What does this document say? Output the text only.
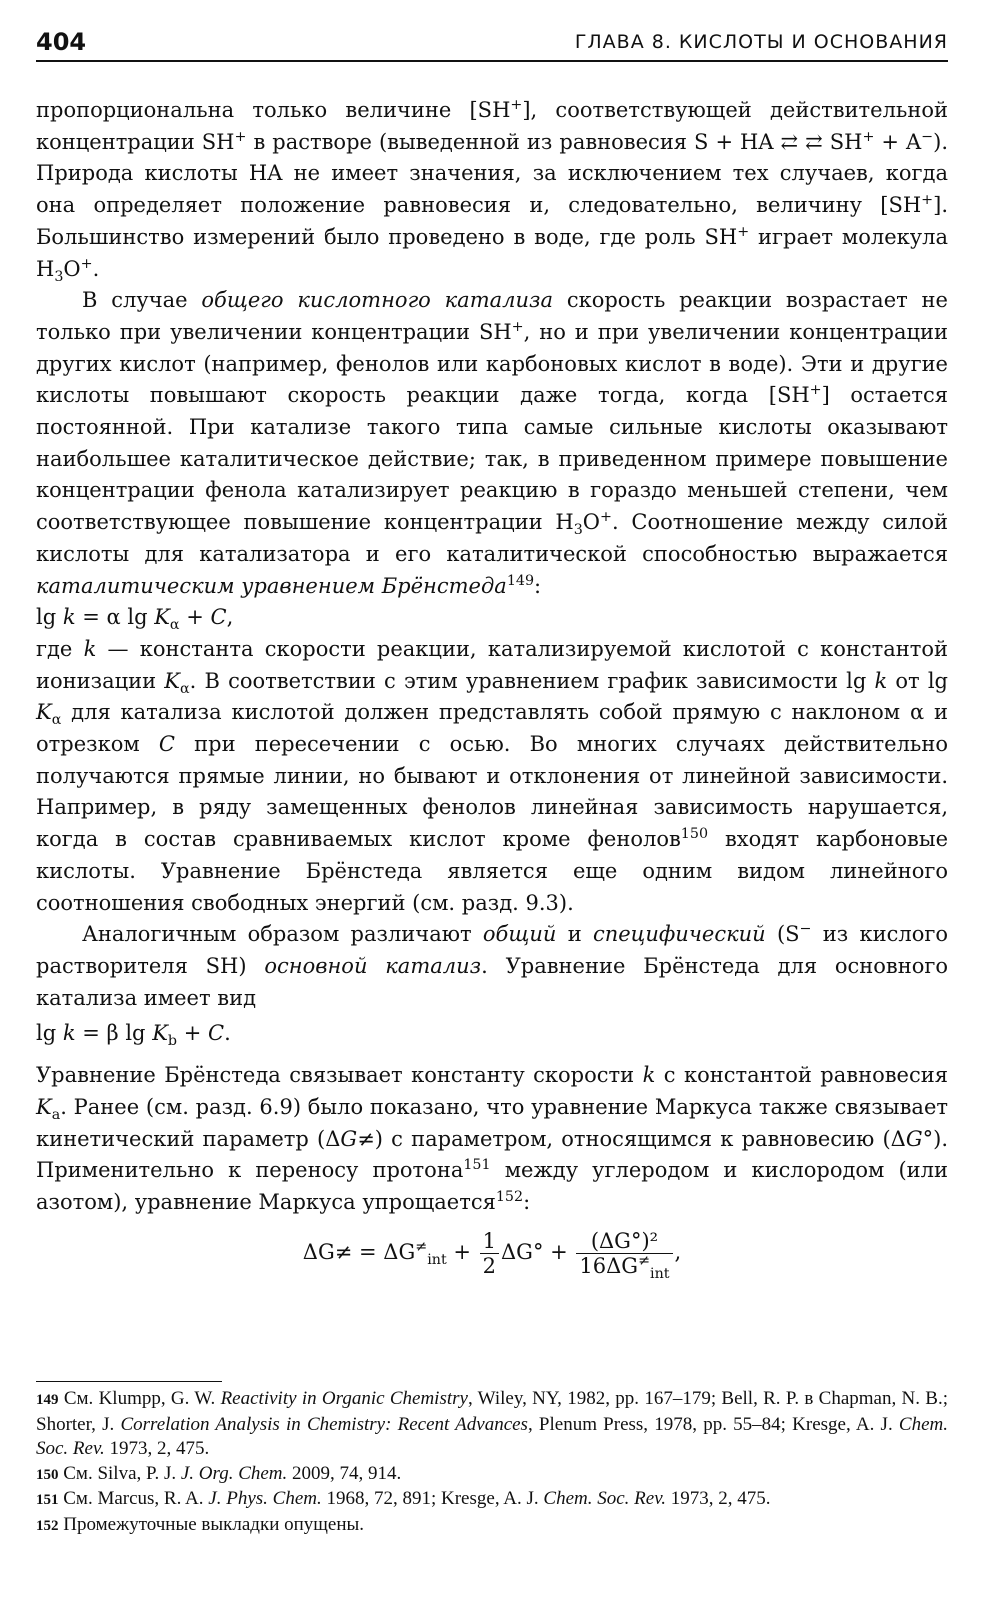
404	ГЛАВА 8. КИСЛОТЫ И ОСНОВАНИЯ

пропорциональна только величине [SH+], соответствующей действительной концентрации SH+ в растворе (выведенной из равновесия S + HA ⇄ ⇄ SH+ + A−). Природа кислоты HA не имеет значения, за исключением тех случаев, когда она определяет положение равновесия и, следовательно, величину [SH+]. Большинство измерений было проведено в воде, где роль SH+ играет молекула $H_3O^+$.

В случае общего кислотного катализа скорость реакции возрастает не только при увеличении концентрации SH+, но и при увеличении концентрации других кислот (например, фенолов или карбоновых кислот в воде). Эти и другие кислоты повышают скорость реакции даже тогда, когда [SH+] остается постоянной. При катализе такого типа самые сильные кислоты оказывают наибольшее каталитическое действие; так, в приведенном примере повышение концентрации фенола катализирует реакцию в гораздо меньшей степени, чем соответствующее повышение концентрации $H_3O^+$. Соотношение между силой кислоты для катализатора и его каталитической способностью выражается каталитическим уравнением Брёнстеда$^{149}$:

lg k = α $\lg K_\alpha + C$,

где k — константа скорости реакции, катализируемой кислотой с константой ионизации $K_\alpha$. В соответствии с этим уравнением график зависимости lg k от $\lg K_\alpha$ для катализа кислотой должен представлять собой прямую с наклоном α и отрезком C при пересечении с осью. Во многих случаях действительно получаются прямые линии, но бывают и отклонения от линейной зависимости. Например, в ряду замещенных фенолов линейная зависимость нарушается, когда в состав сравниваемых кислот кроме фенолов$^{150}$ входят карбоновые кислоты. Уравнение Брёнстеда является еще одним видом линейного соотношения свободных энергий (см. разд. 9.3).

Аналогичным образом различают общий и специфический (S− из кислого растворителя SH) основной катализ. Уравнение Брёнстеда для основного катализа имеет вид

lg k = β $\lg K_b + C$.

Уравнение Брёнстеда связывает константу скорости k с константой равновесия $K_a$. Ранее (см. разд. 6.9) было показано, что уравнение Маркуса также связывает кинетический параметр (ΔG≠) с параметром, относящимся к равновесию (ΔG°). Применительно к переносу протона$^{151}$ между углеродом и кислородом (или азотом), уравнение Маркуса упрощается$^{152}$:

$\Delta G\ne = \Delta G^\ne_{int} + \frac{1}{2} \Delta G^\circ + \frac{\text{(ΔG°)²}}{16\Delta G^\ne_{int}}$ ,

149 См. Klumpp, G. W. Reactivity in Organic Chemistry, Wiley, NY, 1982, pp. 167–179; Bell, R. P. в Chapman, N. B.; Shorter, J. Correlation Analysis in Chemistry: Recent Advances, Plenum Press, 1978, pp. 55–84; Kresge, A. J. Chem. Soc. Rev. 1973, 2, 475.

150 См. Silva, P. J. J. Org. Chem. 2009, 74, 914.

151 См. Marcus, R. A. J. Phys. Chem. 1968, 72, 891; Kresge, A. J. Chem. Soc. Rev. 1973, 2, 475.

152 Промежуточные выкладки опущены.
